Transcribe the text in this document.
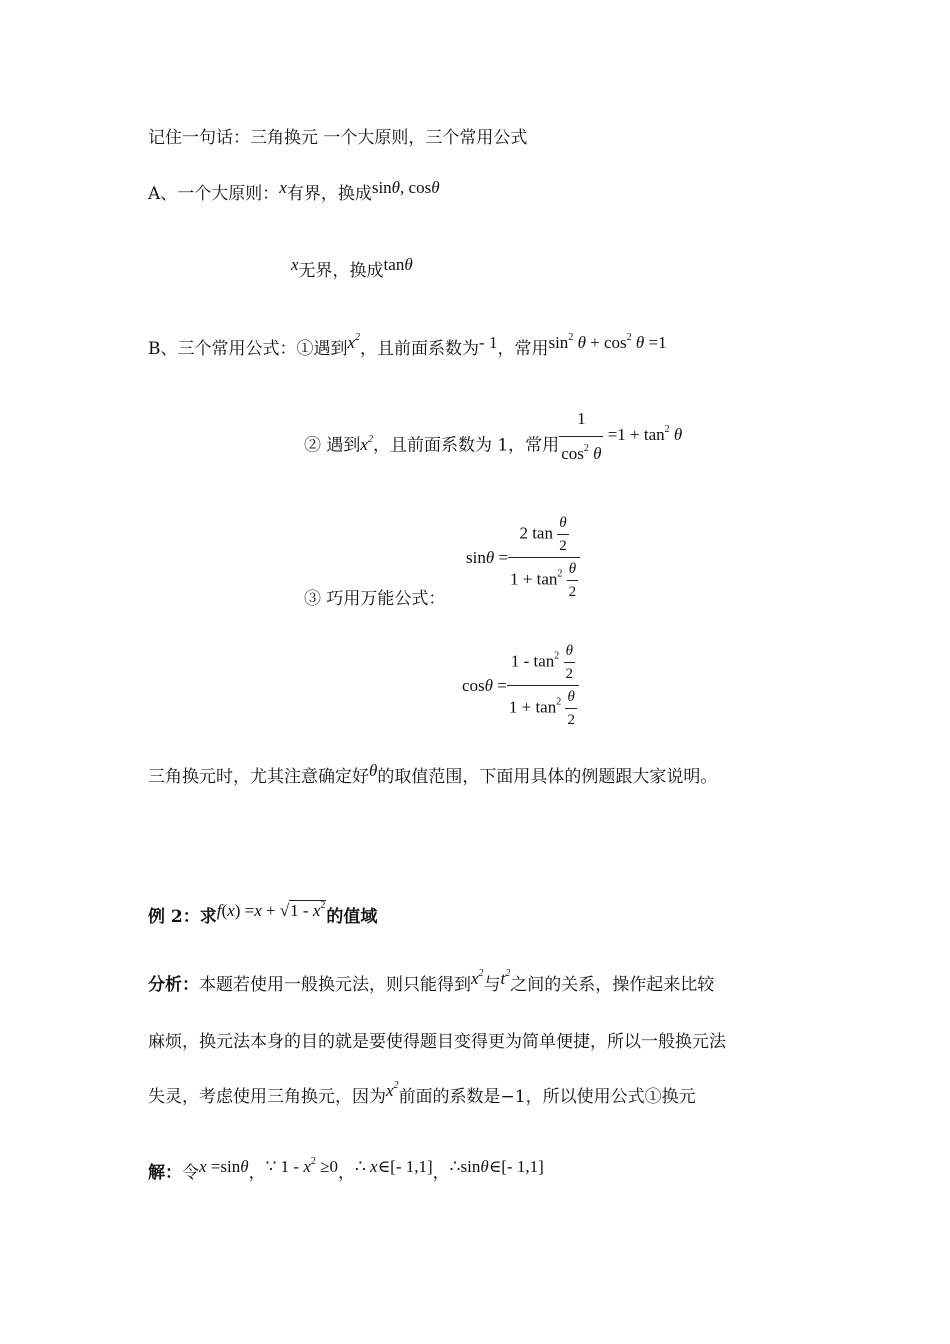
记住一句话：三角换元 一个大原则，三个常用公式
A、一个大原则：x有界，换成sinθ, cosθ
x无界，换成tanθ
B、三个常用公式：①遇到$x^2$，且前面系数为- 1，常用$\sin^2 \theta + \cos^2 \theta =1$
② 遇到$x^2$，且前面系数为 1，常用 $\frac{1}{\cos^2 \theta} =1 + \tan^2 \theta$
$\sin\theta = \frac{2 \tan \frac{\theta}{2}}{1 + \tan^2 \frac{\theta}{2}}$
③ 巧用万能公式：
$\cos\theta = \frac{1 - \tan^2 \frac{\theta}{2}}{1 + \tan^2 \frac{\theta}{2}}$
三角换元时，尤其注意确定好θ的取值范围，下面用具体的例题跟大家说明。
例 2：求$f(x) =x + √1 - x^2$的值域
分析：本题若使用一般换元法，则只能得到$x^2$与$t^2$之间的关系，操作起来比较
麻烦，换元法本身的目的就是要使得题目变得更为简单便捷，所以一般换元法
失灵，考虑使用三角换元，因为$x^2$前面的系数是−1，所以使用公式①换元
解：令x =sinθ，∵ $1 - x^2 \ge 0$，∴ x∈[- 1,1]，∴sinθ∈[- 1,1]
